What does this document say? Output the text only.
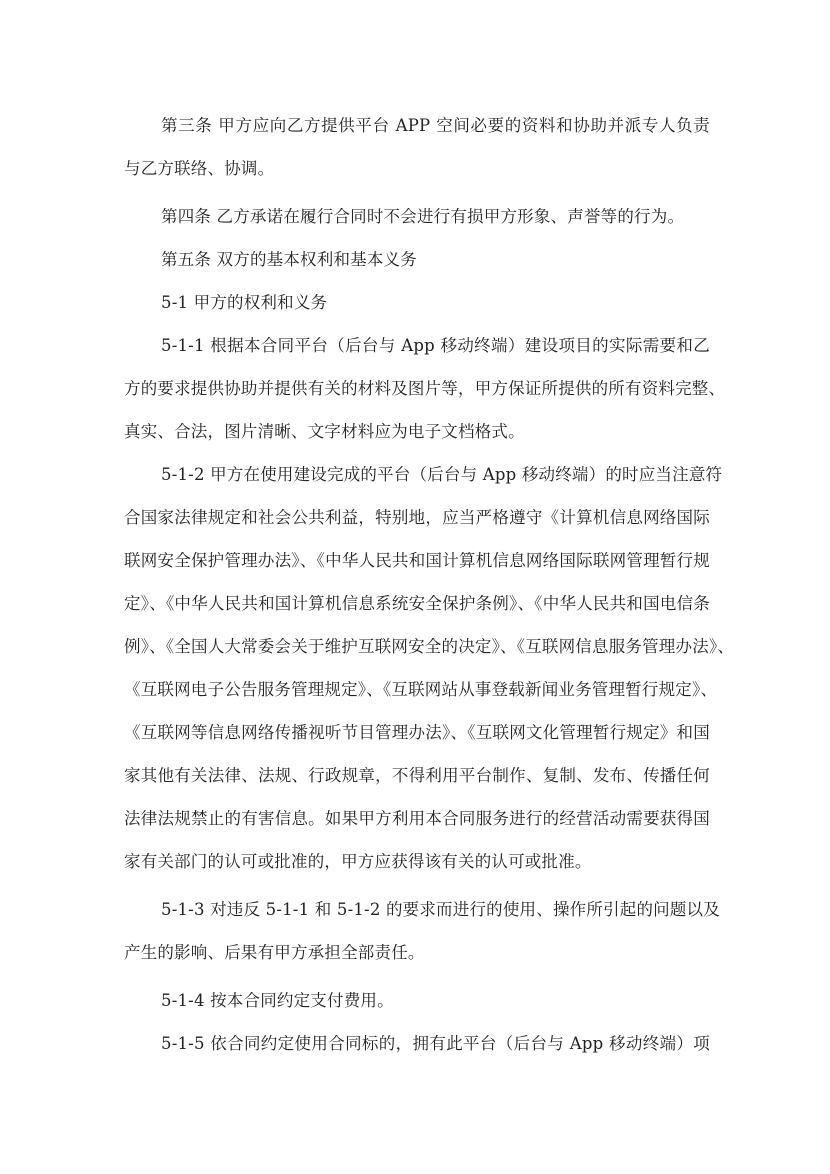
第三条 甲方应向乙方提供平台 APP 空间必要的资料和协助并派专人负责
与乙方联络、协调。
第四条 乙方承诺在履行合同时不会进行有损甲方形象、声誉等的行为。
第五条 双方的基本权利和基本义务
5-1 甲方的权利和义务
5-1-1 根据本合同平台（后台与 App 移动终端）建设项目的实际需要和乙
方的要求提供协助并提供有关的材料及图片等，甲方保证所提供的所有资料完整、
真实、合法，图片清晰、文字材料应为电子文档格式。
5-1-2 甲方在使用建设完成的平台（后台与 App 移动终端）的时应当注意符
合国家法律规定和社会公共利益，特别地，应当严格遵守《计算机信息网络国际
联网安全保护管理办法》、《中华人民共和国计算机信息网络国际联网管理暂行规
定》、《中华人民共和国计算机信息系统安全保护条例》、《中华人民共和国电信条
例》、《全国人大常委会关于维护互联网安全的决定》、《互联网信息服务管理办法》、
《互联网电子公告服务管理规定》、《互联网站从事登载新闻业务管理暂行规定》、
《互联网等信息网络传播视听节目管理办法》、《互联网文化管理暂行规定》和国
家其他有关法律、法规、行政规章，不得利用平台制作、复制、发布、传播任何
法律法规禁止的有害信息。如果甲方利用本合同服务进行的经营活动需要获得国
家有关部门的认可或批准的，甲方应获得该有关的认可或批准。
5-1-3 对违反 5-1-1 和 5-1-2 的要求而进行的使用、操作所引起的问题以及
产生的影响、后果有甲方承担全部责任。
5-1-4 按本合同约定支付费用。
5-1-5 依合同约定使用合同标的，拥有此平台（后台与 App 移动终端）项
